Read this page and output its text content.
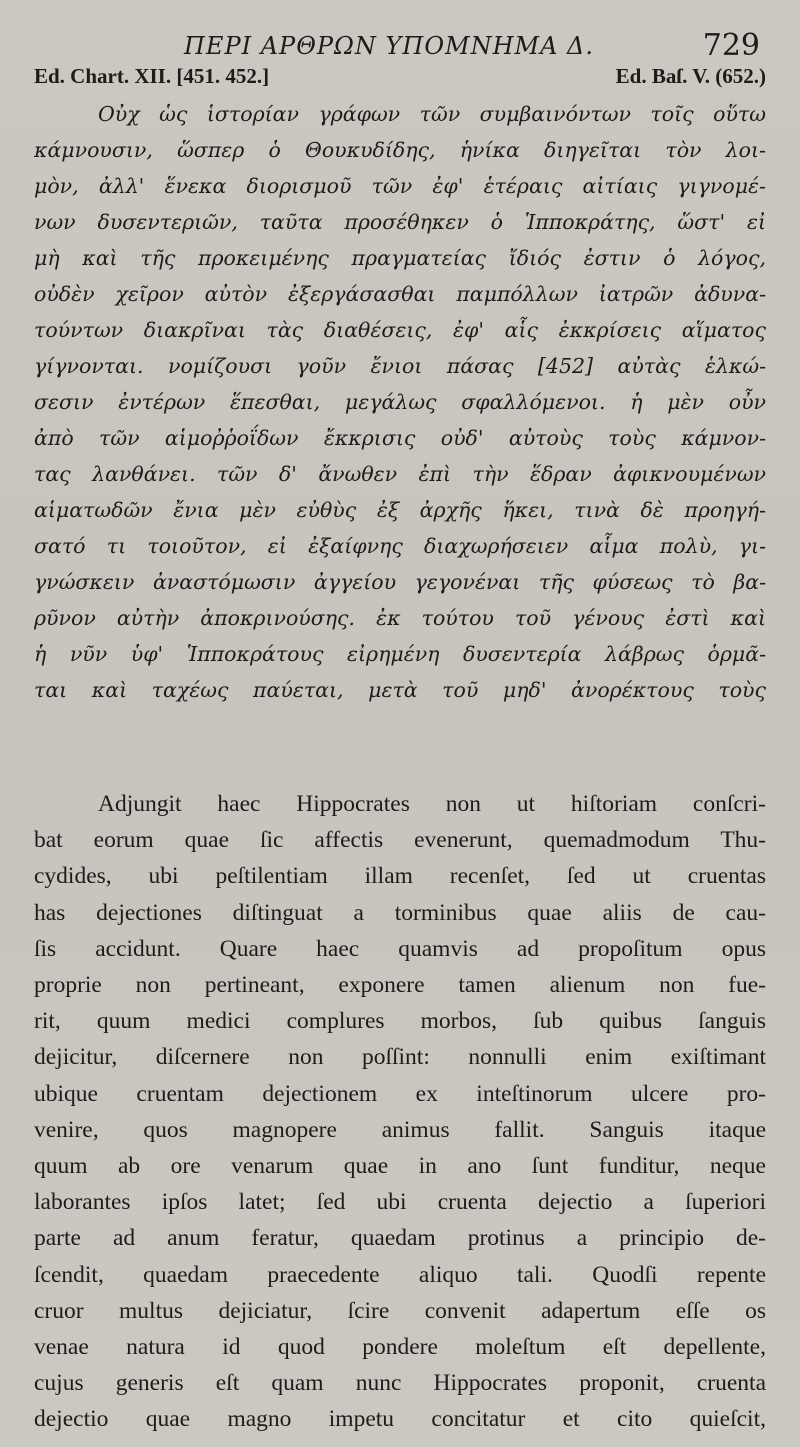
ΠΕΡΙ ΑΡΘΡΩΝ ΥΠΟΜΝΗΜΑ Δ.	729
Ed. Chart. XII. [451. 452.]	Ed. Baſ. V. (652.)
Οὐχ ὡς ἱστορίαν γράφων τῶν συμβαινόντων τοῖς οὕτω
κάμνουσιν, ὥσπερ ὁ Θουκυδίδης, ἡνίκα διηγεῖται τὸν λοι-
μὸν, ἀλλ' ἕνεκα διορισμοῦ τῶν ἐφ' ἑτέραις αἰτίαις γιγνομέ-
νων δυσεντεριῶν, ταῦτα προσέθηκεν ὁ Ἱπποκράτης, ὥστ' εἰ
μὴ καὶ τῆς προκειμένης πραγματείας ἴδιός ἐστιν ὁ λόγος,
οὐδὲν χεῖρον αὐτὸν ἐξεργάσασθαι παμπόλλων ἰατρῶν ἀδυνα-
τούντων διακρῖναι τὰς διαθέσεις, ἐφ' αἷς ἐκκρίσεις αἵματος
γίγνονται. νομίζουσι γοῦν ἔνιοι πάσας [452] αὐτὰς ἑλκώ-
σεσιν ἐντέρων ἕπεσθαι, μεγάλως σφαλλόμενοι. ἡ μὲν οὖν
ἀπὸ τῶν αἱμοῤῥοΐδων ἔκκρισις οὐδ' αὐτοὺς τοὺς κάμνον-
τας λανθάνει. τῶν δ' ἄνωθεν ἐπὶ τὴν ἕδραν ἀφικνουμένων
αἱματωδῶν ἔνια μὲν εὐθὺς ἐξ ἀρχῆς ἥκει, τινὰ δὲ προηγή-
σατό τι τοιοῦτον, εἰ ἐξαίφνης διαχωρήσειεν αἷμα πολὺ, γι-
γνώσκειν ἀναστόμωσιν ἀγγείου γεγονέναι τῆς φύσεως τὸ βα-
ρῦνον αὐτὴν ἀποκρινούσης. ἐκ τούτου τοῦ γένους ἐστὶ καὶ
ἡ νῦν ὑφ' Ἱπποκράτους εἰρημένη δυσεντερία λάβρως ὁρμᾶ-
ται καὶ ταχέως παύεται, μετὰ τοῦ μηδ' ἀνορέκτους τοὺς
Adjungit haec Hippocrates non ut hiſtoriam conſcri-
bat eorum quae ſic affectis evenerunt, quemadmodum Thu-
cydides, ubi peſtilentiam illam recenſet, ſed ut cruentas
has dejectiones diſtinguat a torminibus quae aliis de cau-
ſis accidunt. Quare haec quamvis ad propoſitum opus
proprie non pertineant, exponere tamen alienum non fue-
rit, quum medici complures morbos, ſub quibus ſanguis
dejicitur, diſcernere non poſſint: nonnulli enim exiſtimant
ubique cruentam dejectionem ex inteſtinorum ulcere pro-
venire, quos magnopere animus fallit. Sanguis itaque
quum ab ore venarum quae in ano ſunt funditur, neque
laborantes ipſos latet; ſed ubi cruenta dejectio a ſuperiori
parte ad anum feratur, quaedam protinus a principio de-
ſcendit, quaedam praecedente aliquo tali. Quodſi repente
cruor multus dejiciatur, ſcire convenit adapertum eſſe os
venae natura id quod pondere moleſtum eſt depellente,
cujus generis eſt quam nunc Hippocrates proponit, cruenta
dejectio quae magno impetu concitatur et cito quieſcit,
